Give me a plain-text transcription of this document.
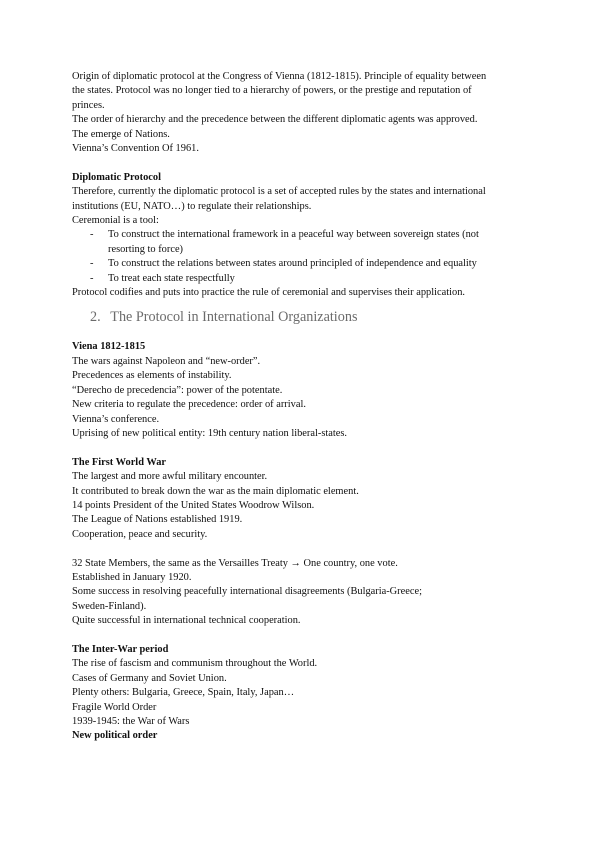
Origin of diplomatic protocol at the Congress of Vienna (1812-1815). Principle of equality between
the states. Protocol was no longer tied to a hierarchy of powers, or the prestige and reputation of
princes.
The order of hierarchy and the precedence between the different diplomatic agents was approved.
The emerge of Nations.
Vienna’s Convention Of 1961.
Diplomatic Protocol
Therefore, currently the diplomatic protocol is a set of accepted rules by the states and international
institutions (EU, NATO…) to regulate their relationships.
Ceremonial is a tool:
- To construct the international framework in a peaceful way between sovereign states (not
resorting to force)
- To construct the relations between states around principled of independence and equality
- To treat each state respectfully
Protocol codifies and puts into practice the rule of ceremonial and supervises their application.
2. The Protocol in International Organizations
Viena 1812-1815
The wars against Napoleon and “new-order”.
Precedences as elements of instability.
“Derecho de precedencia”: power of the potentate.
New criteria to regulate the precedence: order of arrival.
Vienna’s conference.
Uprising of new political entity: 19th century nation liberal-states.
The First World War
The largest and more awful military encounter.
It contributed to break down the war as the main diplomatic element.
14 points President of the United States Woodrow Wilson.
The League of Nations established 1919.
Cooperation, peace and security.
32 State Members, the same as the Versailles Treaty → One country, one vote.
Established in January 1920.
Some success in resolving peacefully international disagreements (Bulgaria-Greece;
Sweden-Finland).
Quite successful in international technical cooperation.
The Inter-War period
The rise of fascism and communism throughout the World.
Cases of Germany and Soviet Union.
Plenty others: Bulgaria, Greece, Spain, Italy, Japan…
Fragile World Order
1939-1945: the War of Wars
New political order
